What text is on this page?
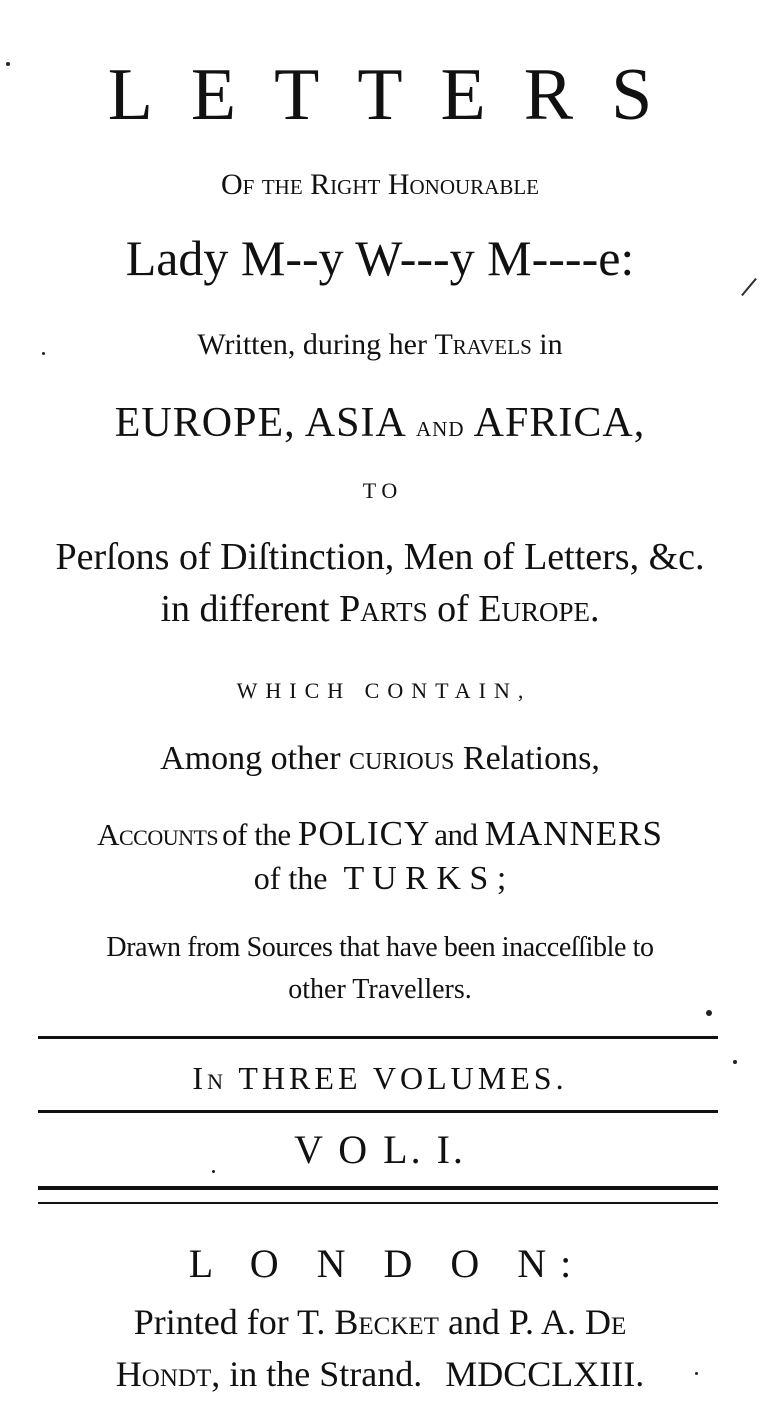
LETTERS
Of the Right Honourable
Lady M--y W---y M----e:
Written, during her Travels in
EUROPE, ASIA and AFRICA,
T O
Perſons of Diſtinction, Men of Letters, &c.
in different Parts of Europe.
WHICH CONTAIN,
Among other curious Relations,
Accounts of the POLICY and MANNERS
of the T U R K S ;
Drawn from Sources that have been inacceſſible to
other Travellers.
In THREE VOLUMES.
V O L. I.
L O N D O N:
Printed for T. Becket and P. A. De
Hondt, in the Strand. MDCCLXIII.
